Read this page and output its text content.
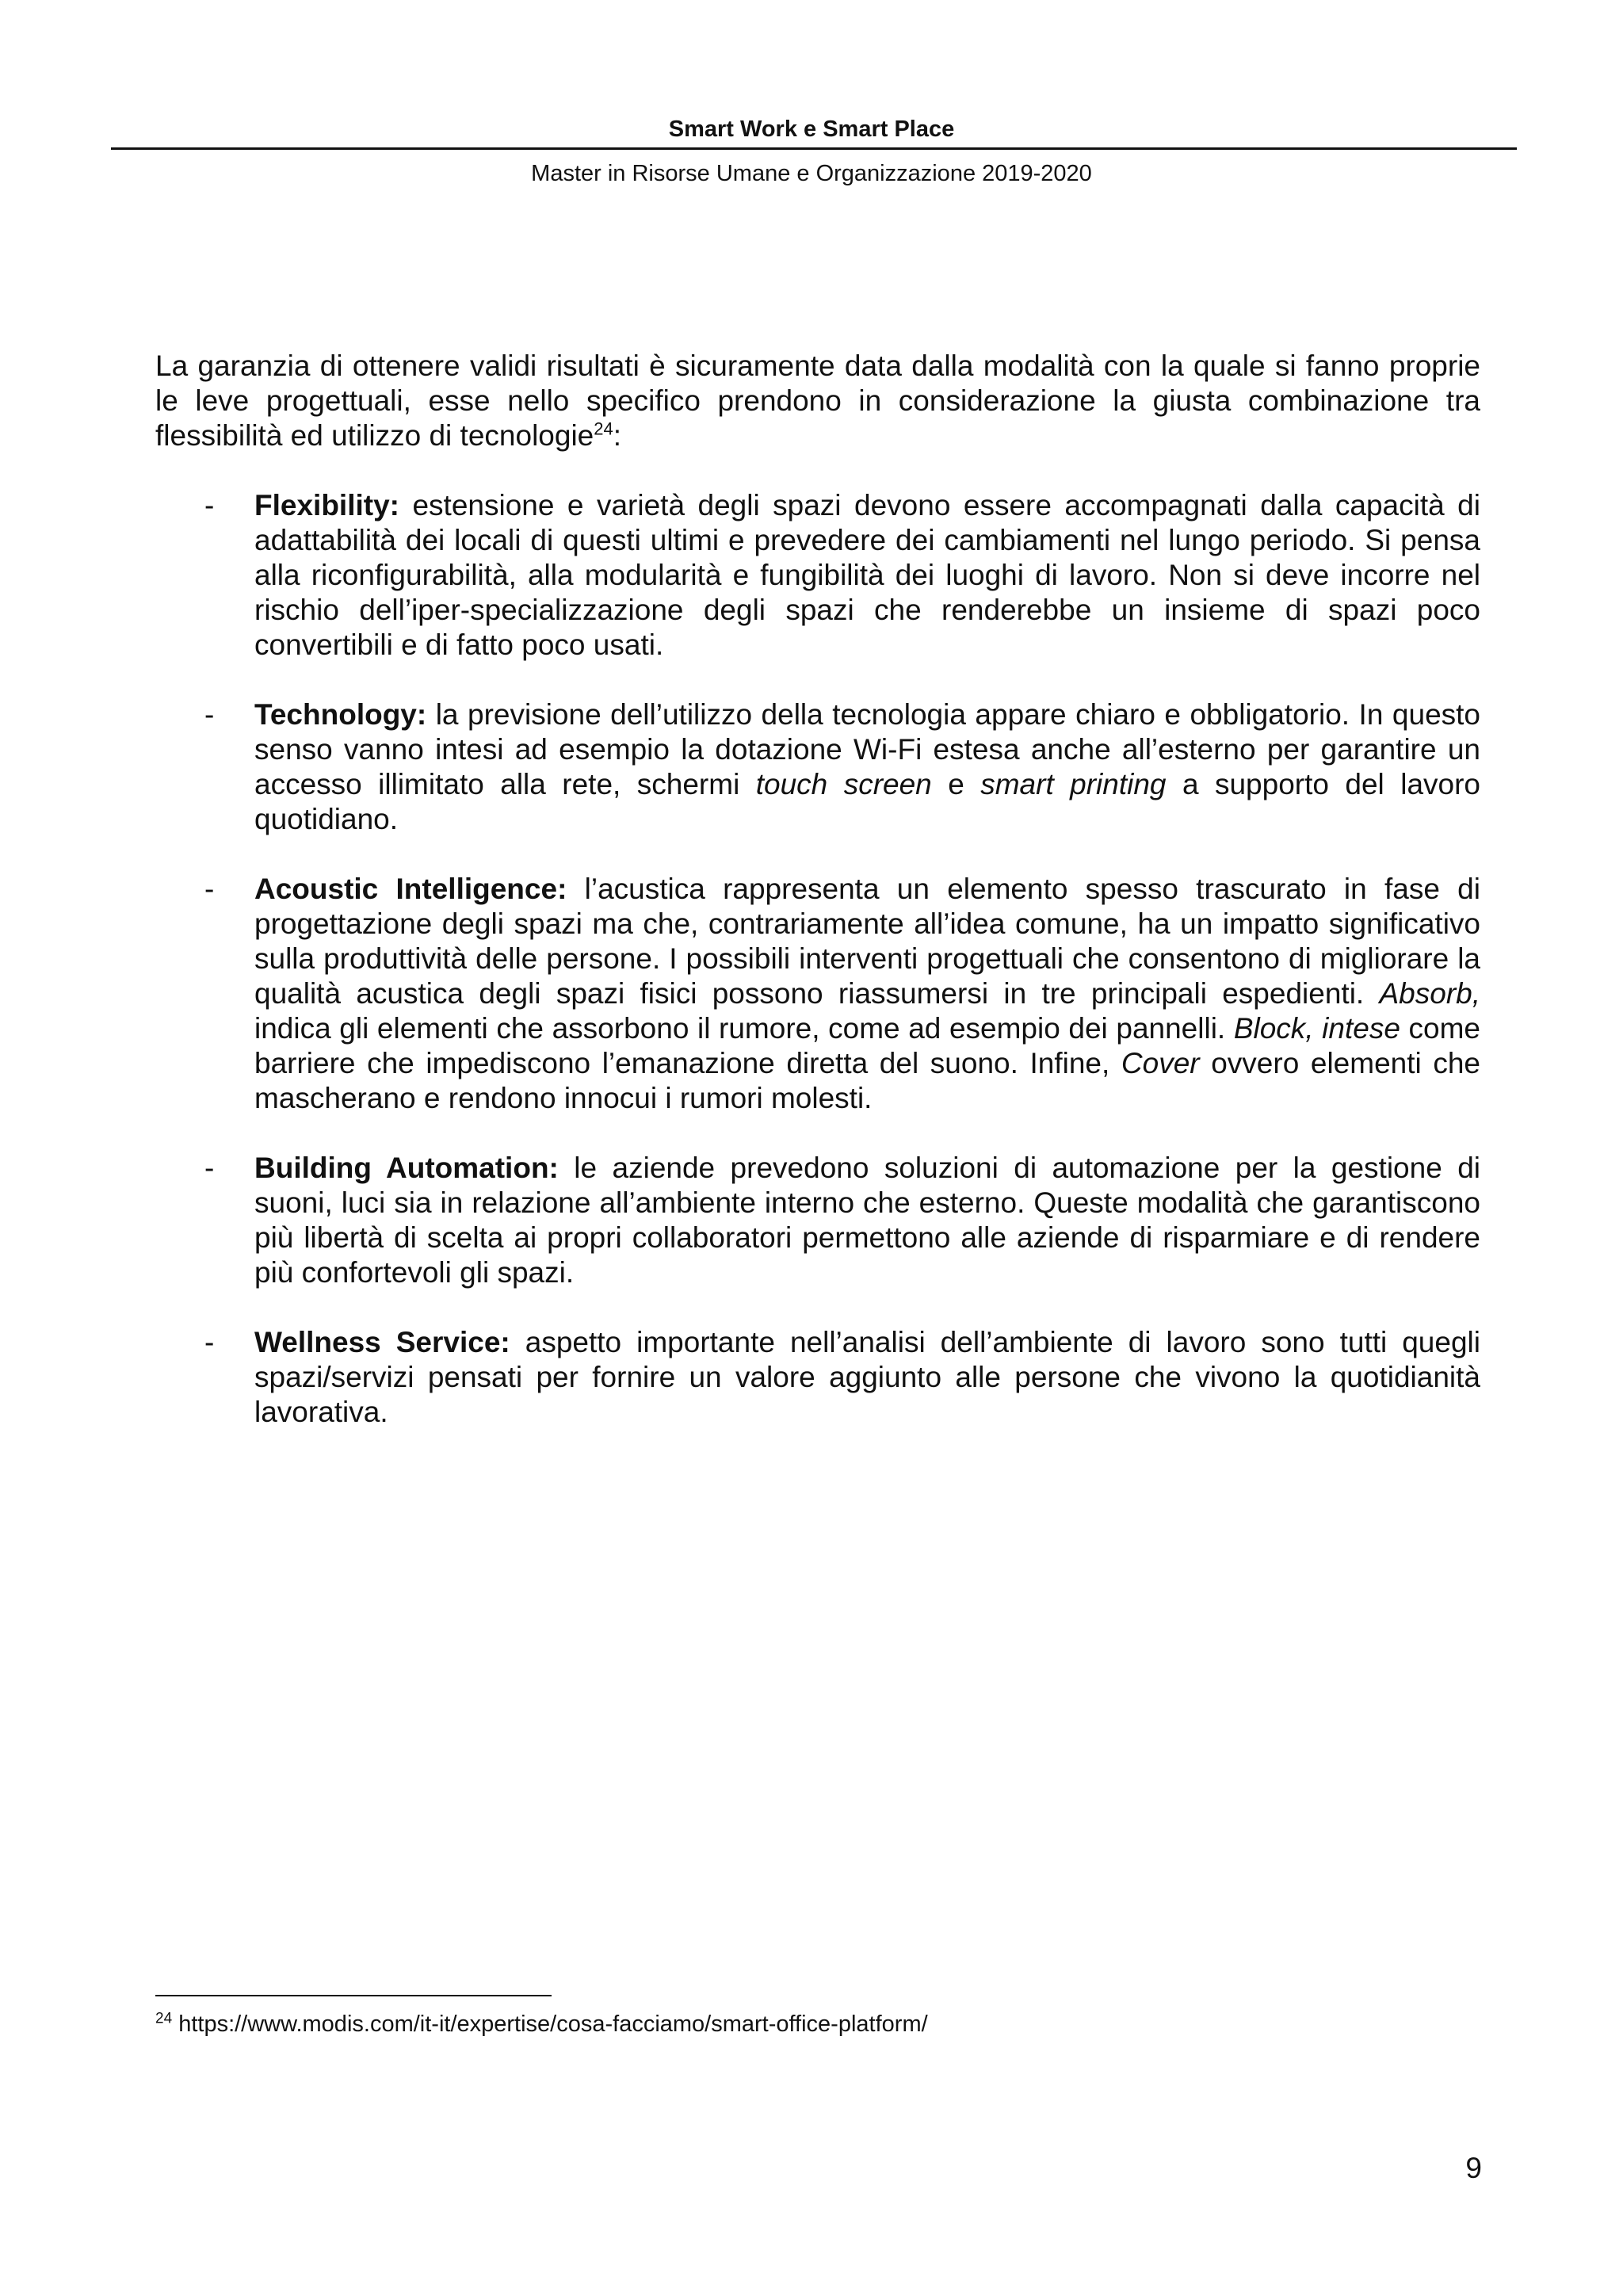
Smart Work e Smart Place
Master in Risorse Umane e Organizzazione 2019-2020

La garanzia di ottenere validi risultati è sicuramente data dalla modalità con la quale si fanno proprie le leve progettuali, esse nello specifico prendono in considerazione la giusta combinazione tra flessibilità ed utilizzo di tecnologie$^{24}$:

- Flexibility: estensione e varietà degli spazi devono essere accompagnati dalla capacità di adattabilità dei locali di questi ultimi e prevedere dei cambiamenti nel lungo periodo. Si pensa alla riconfigurabilità, alla modularità e fungibilità dei luoghi di lavoro. Non si deve incorre nel rischio dell’iper-specializzazione degli spazi che renderebbe un insieme di spazi poco convertibili e di fatto poco usati.
- Technology: la previsione dell’utilizzo della tecnologia appare chiaro e obbligatorio. In questo senso vanno intesi ad esempio la dotazione Wi-Fi estesa anche all’esterno per garantire un accesso illimitato alla rete, schermi touch screen e smart printing a supporto del lavoro quotidiano.
- Acoustic Intelligence: l’acustica rappresenta un elemento spesso trascurato in fase di progettazione degli spazi ma che, contrariamente all’idea comune, ha un impatto significativo sulla produttività delle persone. I possibili interventi progettuali che consentono di migliorare la qualità acustica degli spazi fisici possono riassumersi in tre principali espedienti. Absorb, indica gli elementi che assorbono il rumore, come ad esempio dei pannelli. Block, intese come barriere che impediscono l’emanazione diretta del suono. Infine, Cover ovvero elementi che mascherano e rendono innocui i rumori molesti.
- Building Automation: le aziende prevedono soluzioni di automazione per la gestione di suoni, luci sia in relazione all’ambiente interno che esterno. Queste modalità che garantiscono più libertà di scelta ai propri collaboratori permettono alle aziende di risparmiare e di rendere più confortevoli gli spazi.
- Wellness Service: aspetto importante nell’analisi dell’ambiente di lavoro sono tutti quegli spazi/servizi pensati per fornire un valore aggiunto alle persone che vivono la quotidianità lavorativa.
$^{24}$ https://www.modis.com/it-it/expertise/cosa-facciamo/smart-office-platform/
9
